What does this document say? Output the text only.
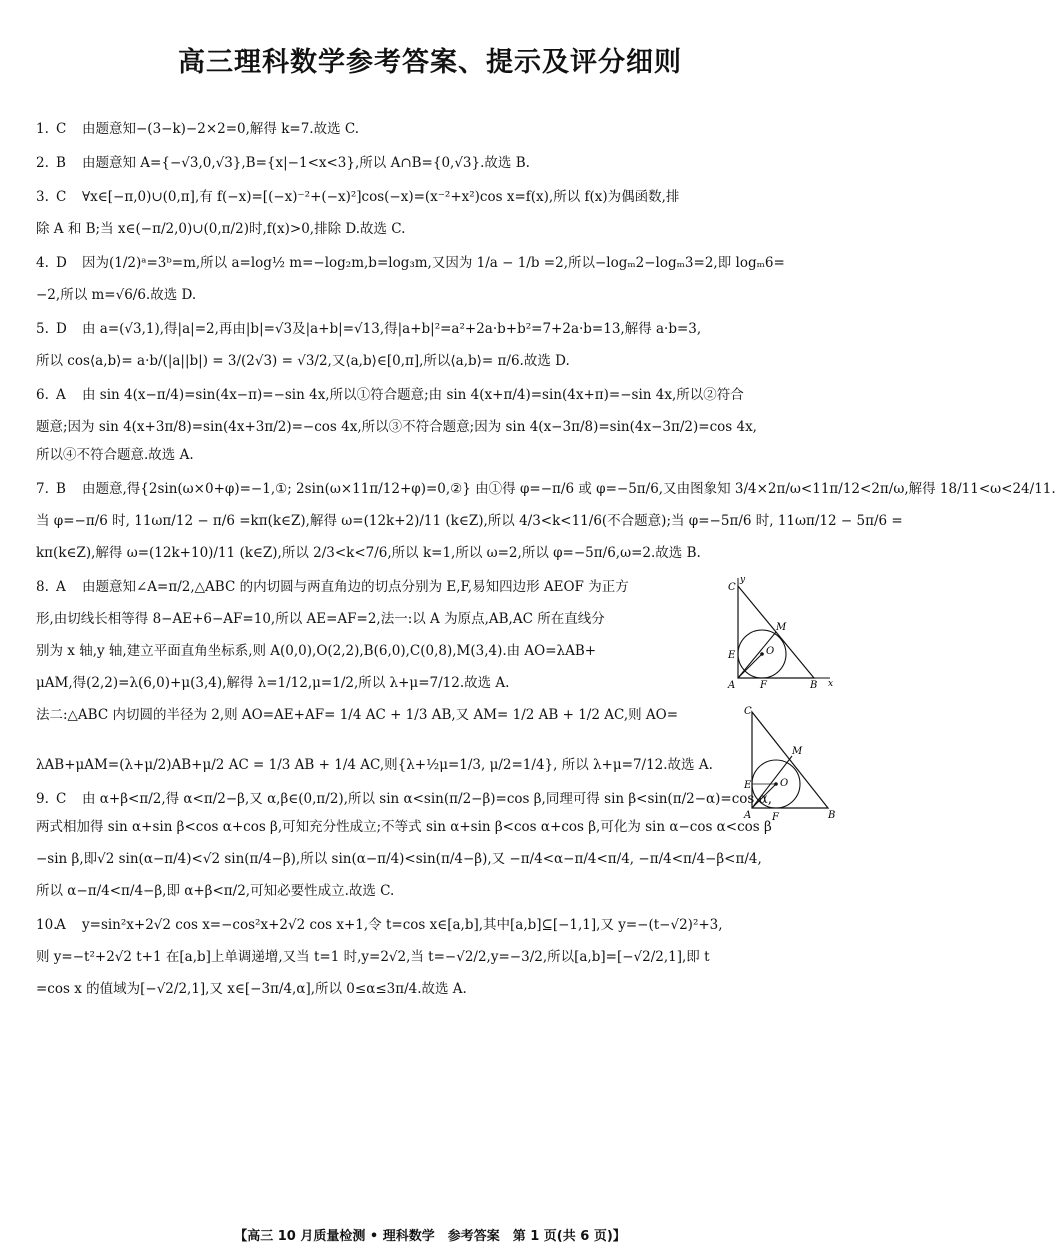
高三理科数学参考答案、提示及评分细则
1. C	由题意知−(3−k)−2×2=0,解得 k=7.故选 C.
2. B	由题意知 A={−√3,0,√3},B={x|−1<x<3},所以 A∩B={0,√3}.故选 B.
3. C	∀x∈[−π,0)∪(0,π],有 f(−x)=[(−x)⁻²+(−x)²]cos(−x)=(x⁻²+x²)cos x=f(x),所以 f(x)为偶函数,排
除 A 和 B;当 x∈(−π/2,0)∪(0,π/2)时,f(x)>0,排除 D.故选 C.
4. D	因为(1/2)ᵃ=3ᵇ=m,所以 a=log½ m=−log₂m,b=log₃m,又因为 1/a − 1/b =2,所以−logₘ2−logₘ3=2,即 logₘ6=
−2,所以 m=√6/6.故选 D.
5. D	由 a=(√3,1),得|a|=2,再由|b|=√3及|a+b|=√13,得|a+b|²=a²+2a·b+b²=7+2a·b=13,解得 a·b=3,
所以 cos⟨a,b⟩= a·b/(|a||b|) = 3/(2√3) = √3/2,又⟨a,b⟩∈[0,π],所以⟨a,b⟩= π/6.故选 D.
6. A	由 sin 4(x−π/4)=sin(4x−π)=−sin 4x,所以①符合题意;由 sin 4(x+π/4)=sin(4x+π)=−sin 4x,所以②符合
题意;因为 sin 4(x+3π/8)=sin(4x+3π/2)=−cos 4x,所以③不符合题意;因为 sin 4(x−3π/8)=sin(4x−3π/2)=cos 4x,
所以④不符合题意.故选 A.
7. B	由题意,得{2sin(ω×0+φ)=−1,①; 2sin(ω×11π/12+φ)=0,②} 由①得 φ=−π/6 或 φ=−5π/6,又由图象知 3/4×2π/ω<11π/12<2π/ω,解得 18/11<ω<24/11.
当 φ=−π/6 时, 11ωπ/12 − π/6 =kπ(k∈Z),解得 ω=(12k+2)/11 (k∈Z),所以 4/3<k<11/6(不合题意);当 φ=−5π/6 时, 11ωπ/12 − 5π/6 =
kπ(k∈Z),解得 ω=(12k+10)/11 (k∈Z),所以 2/3<k<7/6,所以 k=1,所以 ω=2,所以 φ=−5π/6,ω=2.故选 B.
8. A	由题意知∠A=π/2,△ABC 的内切圆与两直角边的切点分别为 E,F,易知四边形 AEOF 为正方
形,由切线长相等得 8−AE+6−AF=10,所以 AE=AF=2,法一:以 A 为原点,AB,AC 所在直线分
别为 x 轴,y 轴,建立平面直角坐标系,则 A(0,0),O(2,2),B(6,0),C(0,8),M(3,4).由 AO=λAB+
μAM,得(2,2)=λ(6,0)+μ(3,4),解得 λ=1/12,μ=1/2,所以 λ+μ=7/12.故选 A.
法二:△ABC 内切圆的半径为 2,则 AO=AE+AF= 1/4 AC + 1/3 AB,又 AM= 1/2 AB + 1/2 AC,则 AO=
λAB+μAM=(λ+μ/2)AB+μ/2 AC = 1/3 AB + 1/4 AC,则{λ+½μ=1/3, μ/2=1/4}, 所以 λ+μ=7/12.故选 A.
C
M
E	O
A F	B x
y
C
M
E	O
A F	B
9. C	由 α+β<π/2,得 α<π/2−β,又 α,β∈(0,π/2),所以 sin α<sin(π/2−β)=cos β,同理可得 sin β<sin(π/2−α)=cos α,
两式相加得 sin α+sin β<cos α+cos β,可知充分性成立;不等式 sin α+sin β<cos α+cos β,可化为 sin α−cos α<cos β
−sin β,即√2 sin(α−π/4)<√2 sin(π/4−β),所以 sin(α−π/4)<sin(π/4−β),又 −π/4<α−π/4<π/4, −π/4<π/4−β<π/4,
所以 α−π/4<π/4−β,即 α+β<π/2,可知必要性成立.故选 C.
10.
A	y=sin²x+2√2 cos x=−cos²x+2√2 cos x+1,令 t=cos x∈[a,b],其中[a,b]⊆[−1,1],又 y=−(t−√2)²+3,
则 y=−t²+2√2 t+1 在[a,b]上单调递增,又当 t=1 时,y=2√2,当 t=−√2/2,y=−3/2,所以[a,b]=[−√2/2,1],即 t
=cos x 的值域为[−√2/2,1],又 x∈[−3π/4,α],所以 0≤α≤3π/4.故选 A.
【高三 10 月质量检测 • 理科数学　参考答案　第 1 页(共 6 页)】
